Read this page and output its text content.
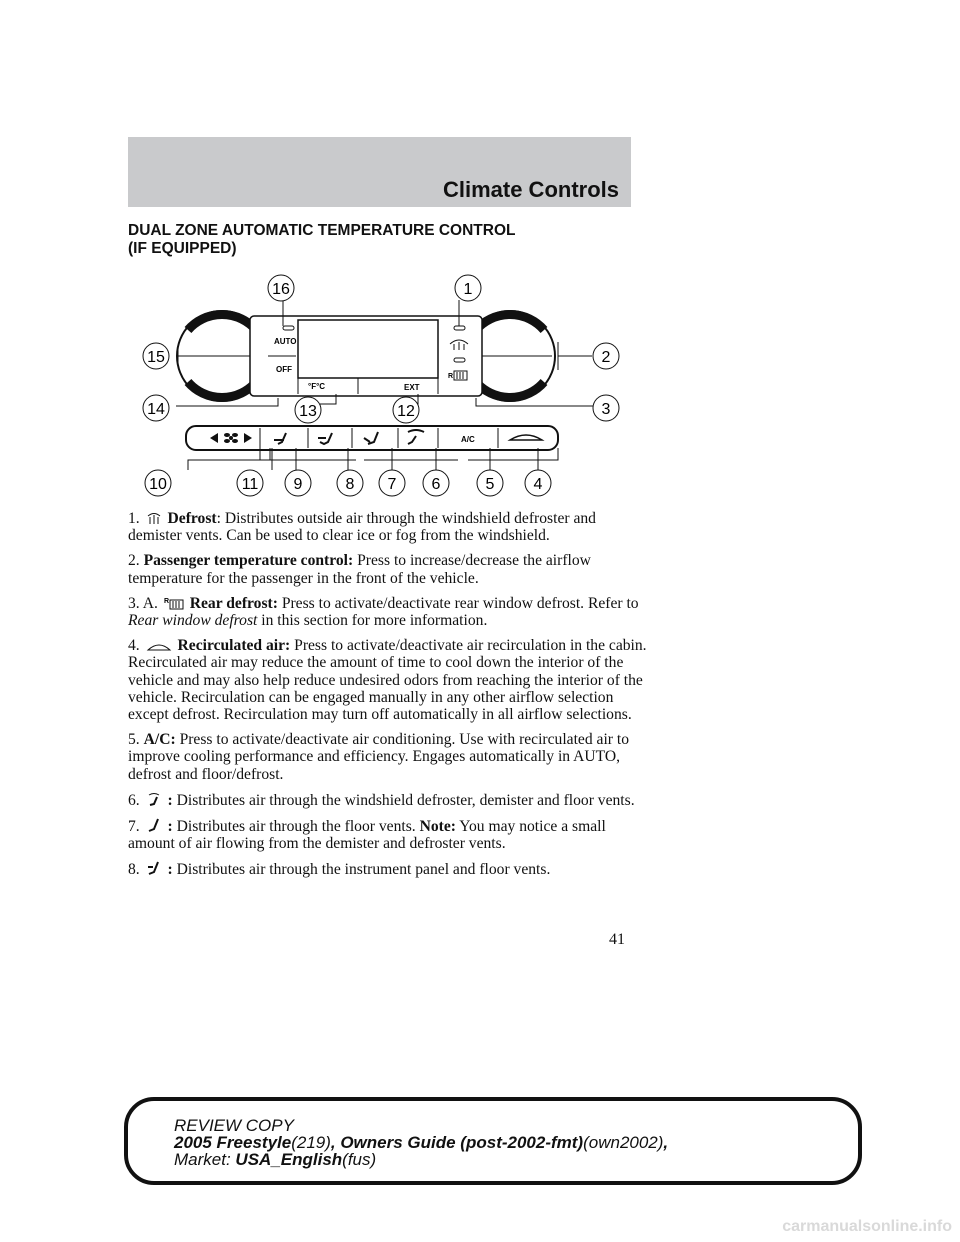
Climate Controls
DUAL ZONE AUTOMATIC TEMPERATURE CONTROL
(IF EQUIPPED)
AUTO
OFF
°F°C	EXT
R
A/C
16	1
15	2
14	3
13	12
10	11 9	8 7 6	5 4

1. Defrost: Distributes outside air through the windshield defroster and demister vents. Can be used to clear ice or fog from the windshield.

2. Passenger temperature control: Press to increase/decrease the airflow temperature for the passenger in the front of the vehicle.

3. A. R Rear defrost: Press to activate/deactivate rear window defrost. Refer to Rear window defrost in this section for more information.

4. Recirculated air: Press to activate/deactivate air recirculation in the cabin. Recirculated air may reduce the amount of time to cool down the interior of the vehicle and may also help reduce undesired odors from reaching the interior of the vehicle. Recirculation can be engaged manually in any other airflow selection except defrost. Recirculation may turn off automatically in all airflow selections.

5. A/C: Press to activate/deactivate air conditioning. Use with recirculated air to improve cooling performance and efficiency. Engages automatically in AUTO, defrost and floor/defrost.

6. : Distributes air through the windshield defroster, demister and floor vents.

7. : Distributes air through the floor vents. Note: You may notice a small amount of air flowing from the demister and defroster vents.

8. : Distributes air through the instrument panel and floor vents.

41
REVIEW COPY
2005 Freestyle(219), Owners Guide (post-2002-fmt)(own2002),
Market: USA_English(fus)
carmanualsonline.info
